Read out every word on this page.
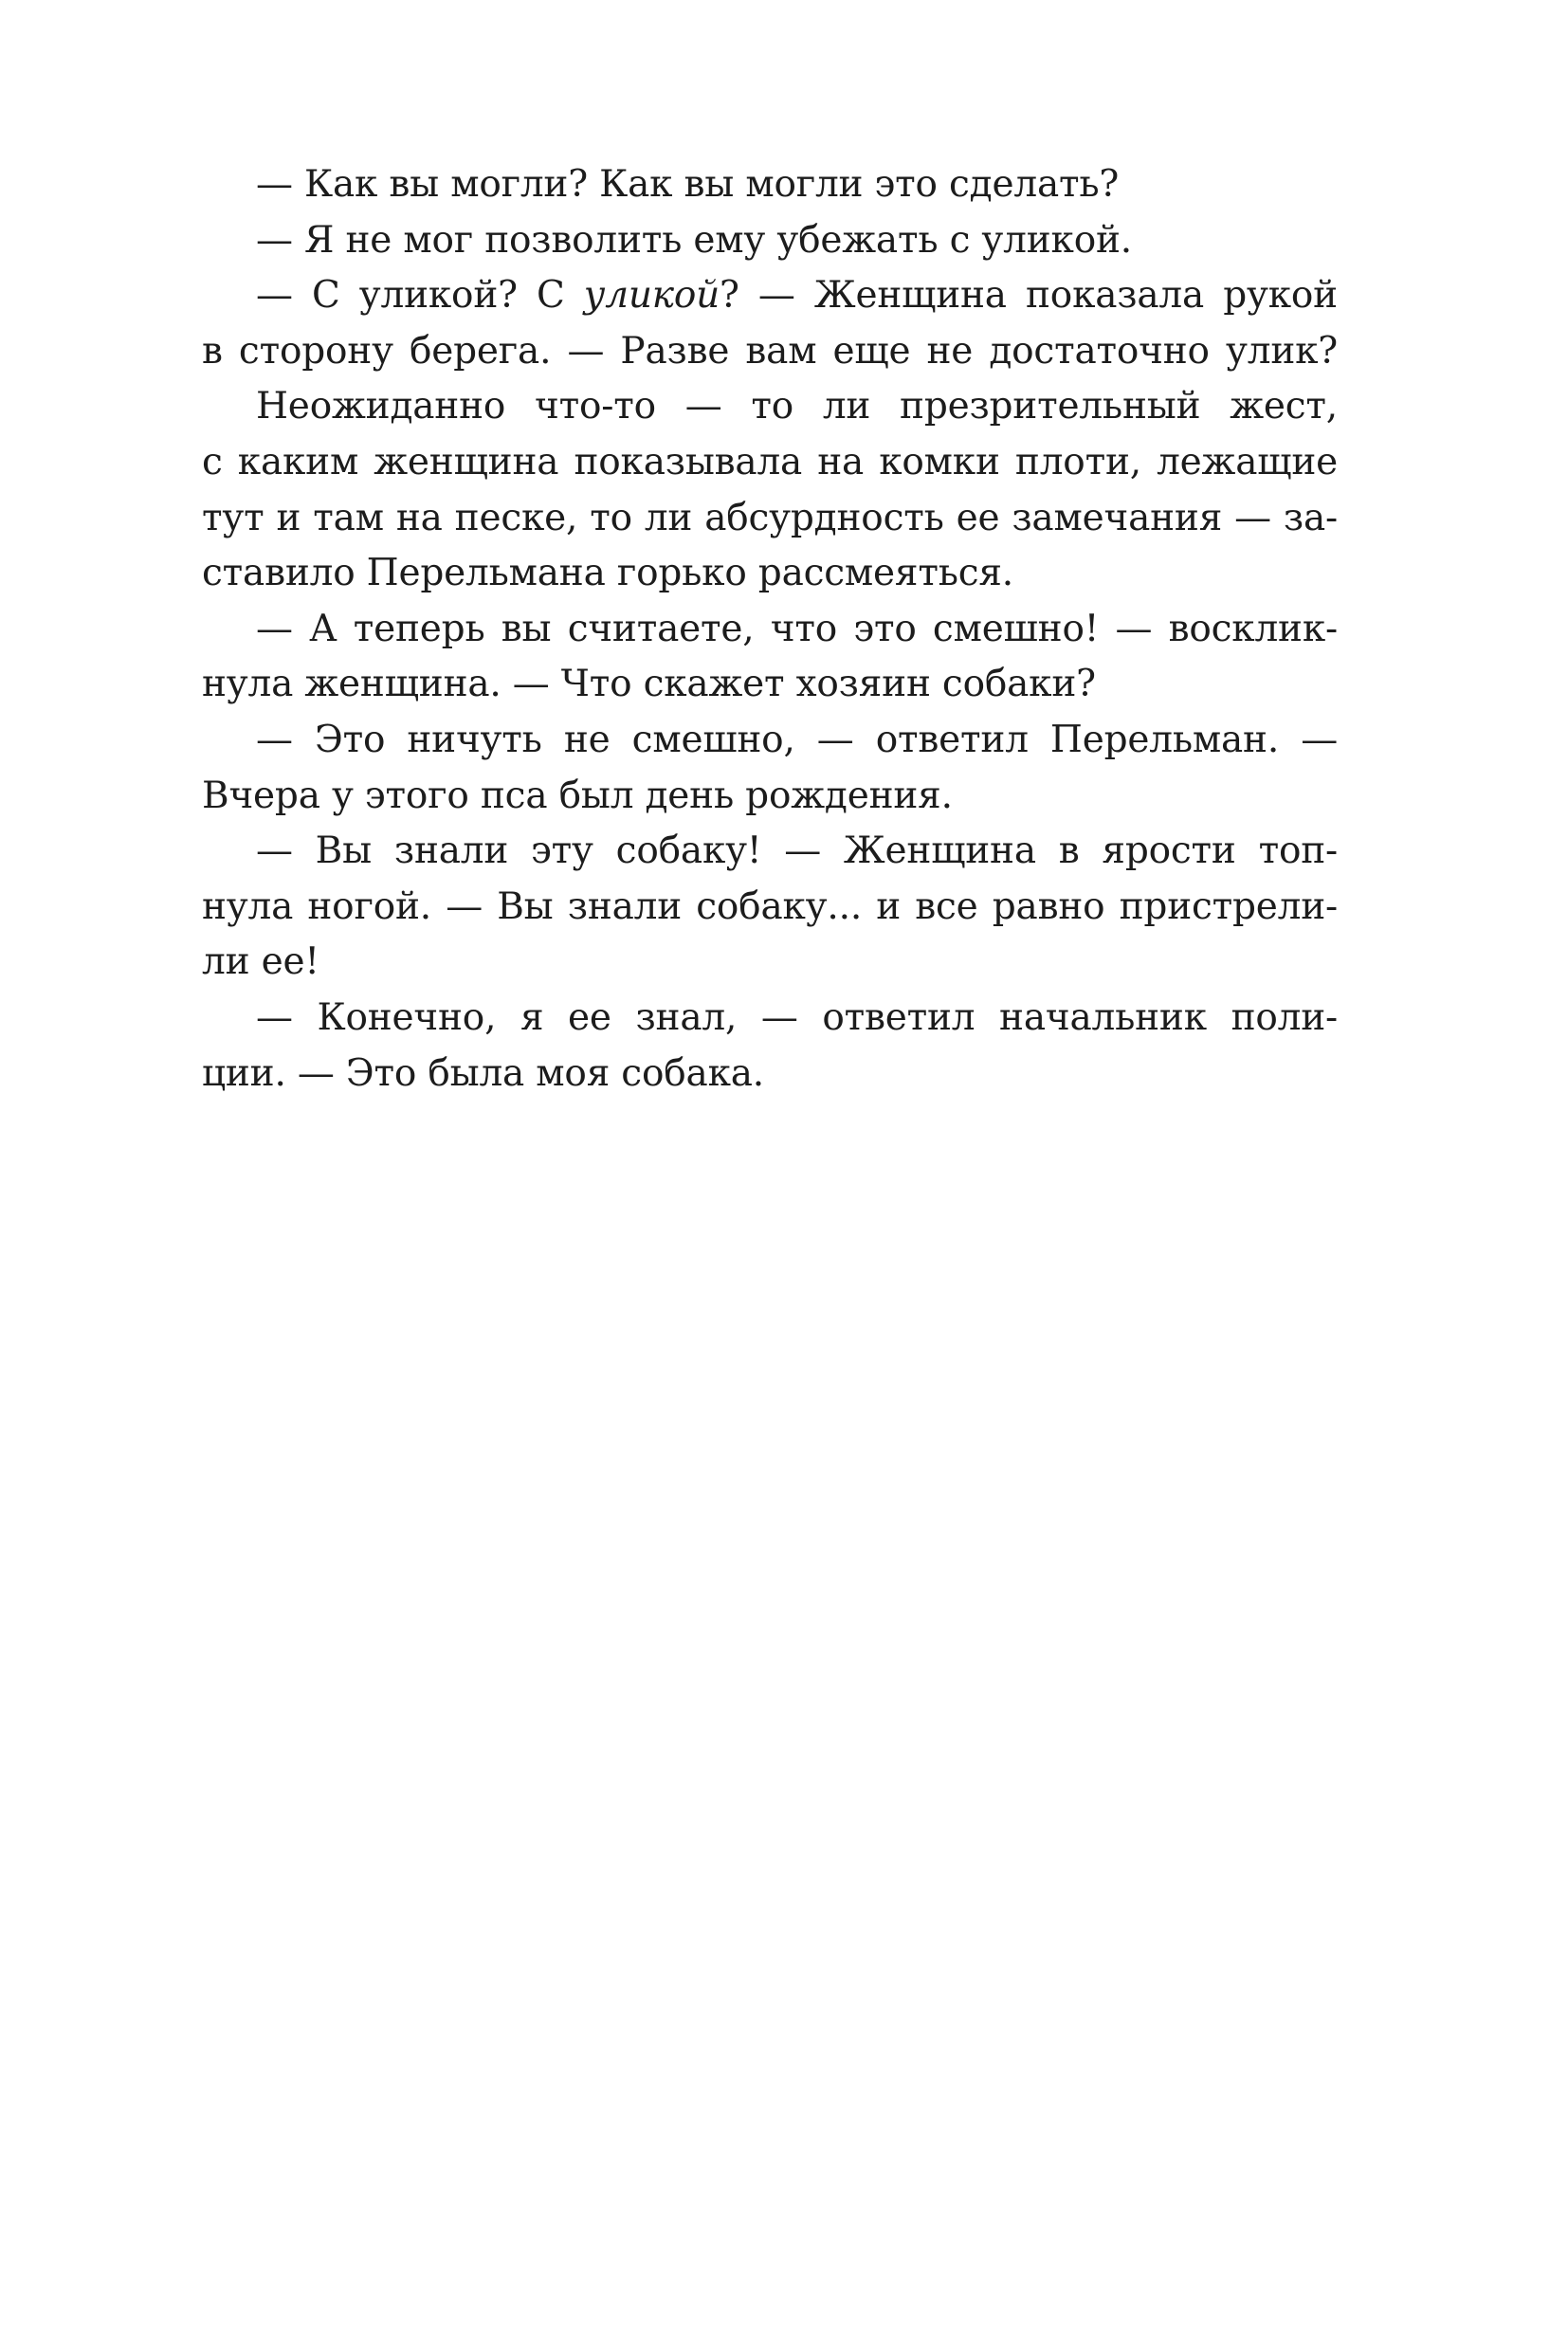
— Как вы могли? Как вы могли это сделать?
— Я не мог позволить ему убежать с уликой.
— С уликой? С уликой? — Женщина показала рукой
в сторону берега. — Разве вам еще не достаточно улик?
Неожиданно что-то — то ли презрительный жест,
с каким женщина показывала на комки плоти, лежащие
тут и там на песке, то ли абсурдность ее замечания — за-
ставило Перельмана горько рассмеяться.
— А теперь вы считаете, что это смешно! — восклик-
нула женщина. — Что скажет хозяин собаки?
— Это ничуть не смешно, — ответил Перельман. —
Вчера у этого пса был день рождения.
— Вы знали эту собаку! — Женщина в ярости топ-
нула ногой. — Вы знали собаку... и все равно пристрели-
ли ее!
— Конечно, я ее знал, — ответил начальник поли-
ции. — Это была моя собака.
